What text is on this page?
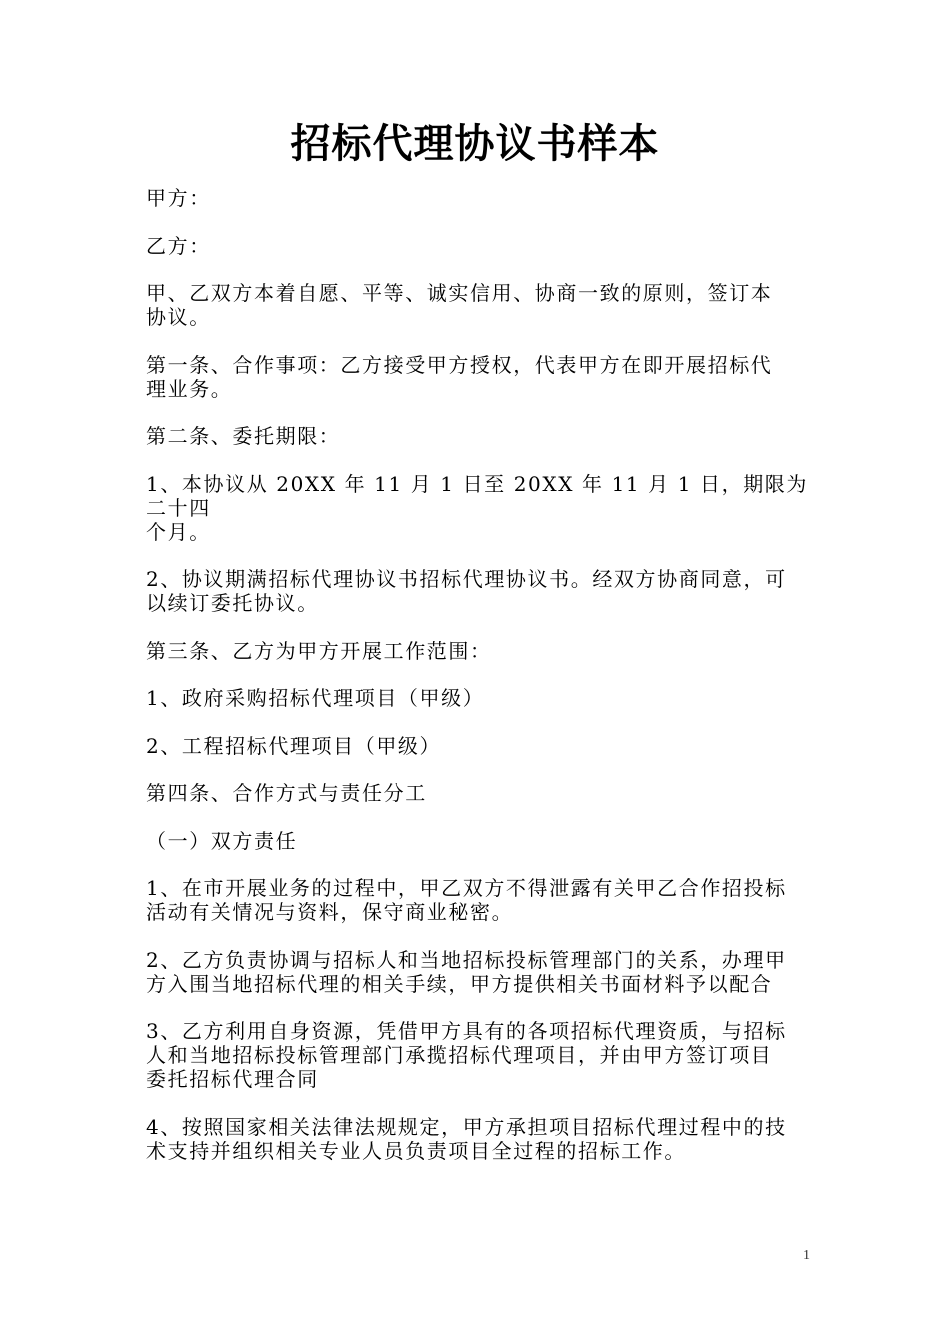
招标代理协议书样本

甲方：

乙方：

甲、乙双方本着自愿、平等、诚实信用、协商一致的原则，签订本
协议。

第一条、合作事项：乙方接受甲方授权，代表甲方在即开展招标代
理业务。

第二条、委托期限：

1、本协议从 20XX 年 11 月 1 日至 20XX 年 11 月 1 日，期限为二十四
个月。

2、协议期满招标代理协议书招标代理协议书。经双方协商同意，可
以续订委托协议。

第三条、乙方为甲方开展工作范围：

1、政府采购招标代理项目（甲级）

2、工程招标代理项目（甲级）

第四条、合作方式与责任分工

（一）双方责任

1、在市开展业务的过程中，甲乙双方不得泄露有关甲乙合作招投标
活动有关情况与资料，保守商业秘密。

2、乙方负责协调与招标人和当地招标投标管理部门的关系，办理甲
方入围当地招标代理的相关手续，甲方提供相关书面材料予以配合

3、乙方利用自身资源，凭借甲方具有的各项招标代理资质，与招标
人和当地招标投标管理部门承揽招标代理项目，并由甲方签订项目
委托招标代理合同

4、按照国家相关法律法规规定，甲方承担项目招标代理过程中的技
术支持并组织相关专业人员负责项目全过程的招标工作。

1
